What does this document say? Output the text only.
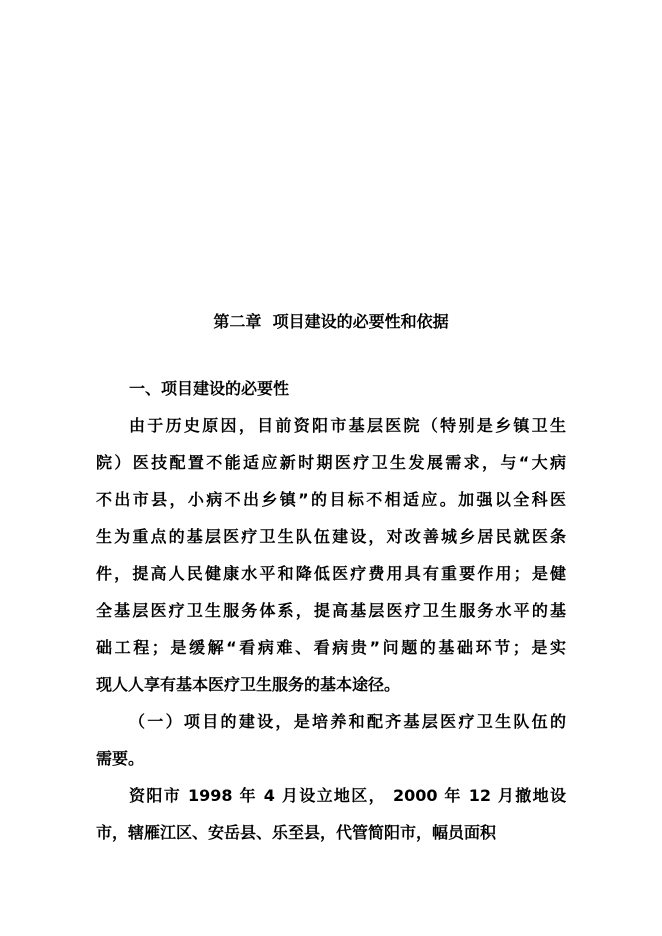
第二章  项目建设的必要性和依据

一、项目建设的必要性

由于历史原因，目前资阳市基层医院（特别是乡镇卫生

院）医技配置不能适应新时期医疗卫生发展需求，与“大病

不出市县，小病不出乡镇”的目标不相适应。加强以全科医

生为重点的基层医疗卫生队伍建设，对改善城乡居民就医条

件，提高人民健康水平和降低医疗费用具有重要作用；是健

全基层医疗卫生服务体系，提高基层医疗卫生服务水平的基

础工程；是缓解“看病难、看病贵”问题的基础环节；是实

现人人享有基本医疗卫生服务的基本途径。

（一）项目的建设，是培养和配齐基层医疗卫生队伍的

需要。

资阳市 1998 年 4 月设立地区， 2000 年 12 月撤地设

市，辖雁江区、安岳县、乐至县，代管简阳市，幅员面积
